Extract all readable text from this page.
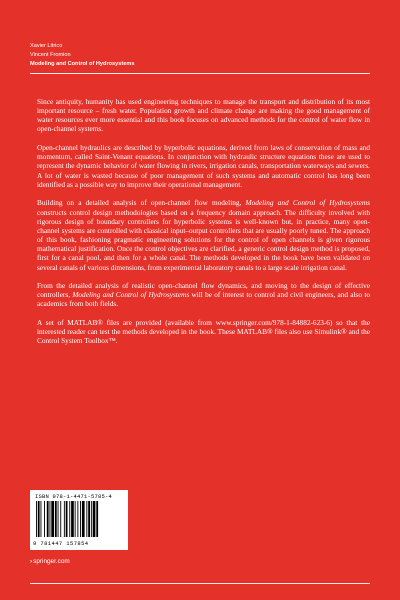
Xavier Litrico
Vincent Fromion
Modeling and Control of Hydrosystems

Since antiquity, humanity has used engineering techniques to manage the transport and distribution of its most important resource – fresh water. Population growth and climate change are making the good management of water resources ever more essential and this book focuses on advanced methods for the control of water flow in open-channel systems.

Open-channel hydraulics are described by hyperbolic equations, derived from laws of conservation of mass and momentum, called Saint-Venant equations. In conjunction with hydraulic structure equations these are used to represent the dynamic behavior of water flowing in rivers, irrigation canals, transportation waterways and sewers. A lot of water is wasted because of poor management of such systems and automatic control has long been identified as a possible way to improve their operational management.

Building on a detailed analysis of open-channel flow modeling, Modeling and Control of Hydrosystems constructs control design methodologies based on a frequency domain approach. The difficulty involved with rigorous design of boundary controllers for hyperbolic systems is well-known but, in practice, many open-channel systems are controlled with classical input–output controllers that are usually poorly tuned. The approach of this book, fashioning pragmatic engineering solutions for the control of open channels is given rigorous mathematical justification. Once the control objectives are clarified, a generic control design method is proposed, first for a canal pool, and then for a whole canal. The methods developed in the book have been validated on several canals of various dimensions, from experimental laboratory canals to a large scale irrigation canal.

From the detailed analysis of realistic open-channel flow dynamics, and moving to the design of effective controllers, Modeling and Control of Hydrosystems will be of interest to control and civil engineers, and also to academics from both fields.

A set of MATLAB® files are provided (available from www.springer.com/978-1-84882-623-6) so that the interested reader can test the methods developed in the book. These MATLAB® files also use Simulink® and the Control System Toolbox™.

ISBN 978-1-4471-5785-4
9 781447 157854
›springer.com
